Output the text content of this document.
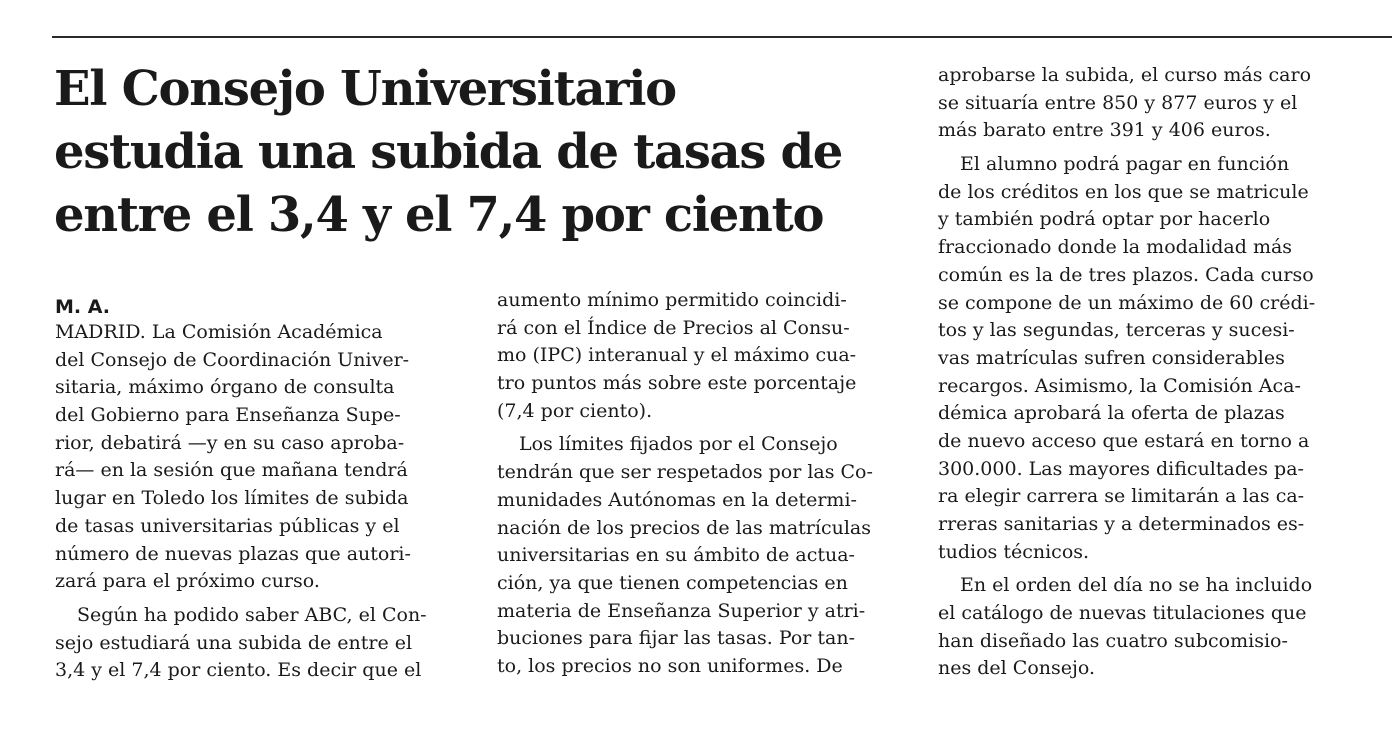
El Consejo Universitario
estudia una subida de tasas de
entre el 3,4 y el 7,4 por ciento
M. A.
MADRID. La Comisión Académica
del Consejo de Coordinación Univer-
sitaria, máximo órgano de consulta
del Gobierno para Enseñanza Supe-
rior, debatirá —y en su caso aproba-
rá— en la sesión que mañana tendrá
lugar en Toledo los límites de subida
de tasas universitarias públicas y el
número de nuevas plazas que autori-
zará para el próximo curso.
Según ha podido saber ABC, el Con-
sejo estudiará una subida de entre el
3,4 y el 7,4 por ciento. Es decir que el
aumento mínimo permitido coincidi-
rá con el Índice de Precios al Consu-
mo (IPC) interanual y el máximo cua-
tro puntos más sobre este porcentaje
(7,4 por ciento).
Los límites fijados por el Consejo
tendrán que ser respetados por las Co-
munidades Autónomas en la determi-
nación de los precios de las matrículas
universitarias en su ámbito de actua-
ción, ya que tienen competencias en
materia de Enseñanza Superior y atri-
buciones para fijar las tasas. Por tan-
to, los precios no son uniformes. De
aprobarse la subida, el curso más caro
se situaría entre 850 y 877 euros y el
más barato entre 391 y 406 euros.
El alumno podrá pagar en función
de los créditos en los que se matricule
y también podrá optar por hacerlo
fraccionado donde la modalidad más
común es la de tres plazos. Cada curso
se compone de un máximo de 60 crédi-
tos y las segundas, terceras y sucesi-
vas matrículas sufren considerables
recargos. Asimismo, la Comisión Aca-
démica aprobará la oferta de plazas
de nuevo acceso que estará en torno a
300.000. Las mayores dificultades pa-
ra elegir carrera se limitarán a las ca-
rreras sanitarias y a determinados es-
tudios técnicos.
En el orden del día no se ha incluido
el catálogo de nuevas titulaciones que
han diseñado las cuatro subcomisio-
nes del Consejo.
